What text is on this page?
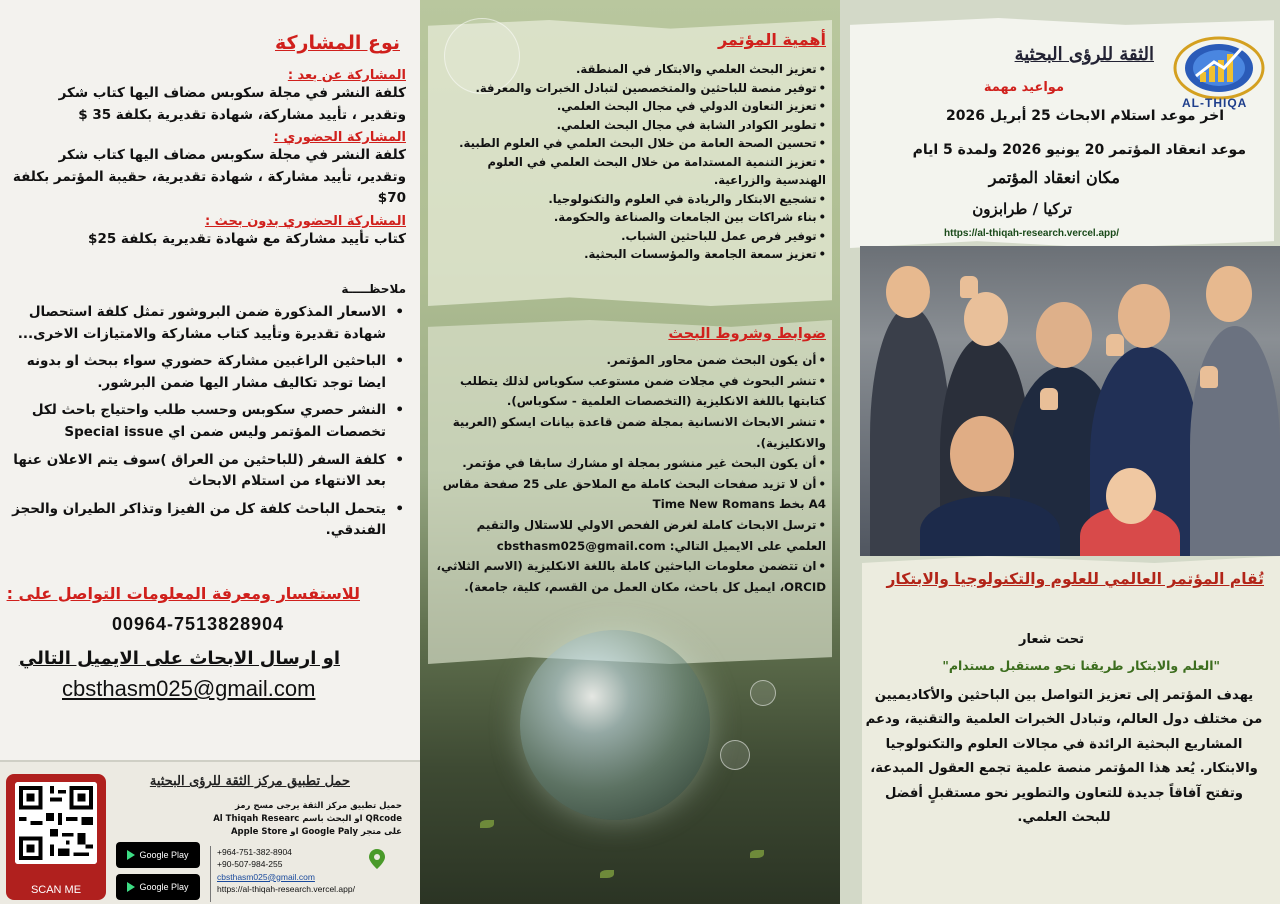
نوع المشاركة
المشاركة عن بعد :
كلفة النشر في مجلة سكوبس مضاف اليها كتاب شكر وتقدير ، تأييد مشاركة، شهادة تقديرية بكلفة 35 $
المشاركة الحضوري :
كلفة النشر في مجلة سكوبس مضاف اليها كتاب شكر وتقدير، تأييد مشاركة ، شهادة تقديرية، حقيبة المؤتمر بكلفة 70$
المشاركة الحضوري بدون بحث :
كتاب تأييد مشاركة مع شهادة تقديرية بكلفة 25$
ملاحظـــــة
• الاسعار المذكورة ضمن البروشور تمثل كلفة استحصال شهادة تقديرة وتأييد كتاب مشاركة والامتيازات الاخرى...
• الباحثين الراغبين مشاركة حضوري سواء ببحث او بدونه ايضا توجد تكاليف مشار اليها ضمن البرشور.
• النشر حصري سكوبس وحسب طلب واحتياج باحث لكل تخصصات المؤتمر وليس ضمن اي Special issue
• كلفة السفر (للباحثين من العراق )سوف يتم الاعلان عنها بعد الانتهاء من استلام الابحاث
• يتحمل الباحث كلفة كل من الفيزا وتذاكر الطيران والحجز الفندقي.
للاستفسار ومعرفة المعلومات التواصل على :
00964-7513828904
او ارسال الابحاث على الايميل التالي
cbsthasm025@gmail.com
SCAN ME
Google Play
Google Play
حمل تطبيق مركز الثقة للرؤى البحثية
حميل تطبيق مركز الثقة يرجى مسح رمز QRcode او البحث باسم Al Thiqah Researc على متجر Google Paly او Apple Store
+964-751-382-8904
+90-507-984-255
cbsthasm025@gmail.com
https://al-thiqah-research.vercel.app/
أهمية المؤتمر
• تعزيز البحث العلمي والابتكار في المنطقة.
• توفير منصة للباحثين والمتخصصين لتبادل الخبرات والمعرفة.
• تعزيز التعاون الدولي في مجال البحث العلمي.
• تطوير الكوادر الشابة في مجال البحث العلمي.
• تحسين الصحة العامة من خلال البحث العلمي في العلوم الطبية.
• تعزيز التنمية المستدامة من خلال البحث العلمي في العلوم الهندسية والزراعية.
• تشجيع الابتكار والريادة في العلوم والتكنولوجيا.
• بناء شراكات بين الجامعات والصناعة والحكومة.
• توفير فرص عمل للباحثين الشباب.
• تعزيز سمعة الجامعة والمؤسسات البحثية.
ضوابط وشروط البحث
• أن يكون البحث ضمن محاور المؤتمر.
• تنشر البحوث في مجلات ضمن مستوعب سكوباس لذلك يتطلب كتابتها باللغة الانكليزية (التخصصات العلمية - سكوباس).
• تنشر الابحاث الانسانية بمجلة ضمن قاعدة بيانات ايسكو (العربية والانكليزية).
• أن يكون البحث غير منشور بمجلة او مشارك سابقا في مؤتمر.
• أن لا تزيد صفحات البحث كاملة مع الملاحق على 25 صفحة مقاس A4 بخط Time New Romans
• ترسل الابحاث كاملة لغرض الفحص الاولي للاستلال والتقيم العلمي على الايميل التالي: cbsthasm025@gmail.com
• ان تتضمن معلومات الباحثين كاملة باللغة الانكليزية (الاسم الثلاثي، ORCID، ايميل كل باحث، مكان العمل من القسم، كلية، جامعة).
AL-THIQA
الثقة للرؤى البحثية
مواعيد مهمة
اخر موعد استلام الابحاث 25 أبريل 2026
موعد انعقاد المؤتمر 20 يونيو 2026 ولمدة 5 ايام
مكان انعقاد المؤتمر
تركيا / طرابزون
https://al-thiqah-research.vercel.app/
تُقام المؤتمر العالمي للعلوم والتكنولوجيا والابتكار
تحت شعار
"العلم والابتكار طريقنا نحو مستقبل مستدام"
يهدف المؤتمر إلى تعزيز التواصل بين الباحثين والأكاديميين من مختلف دول العالم، وتبادل الخبرات العلمية والتقنية، ودعم المشاريع البحثية الرائدة في مجالات العلوم والتكنولوجيا والابتكار. يُعد هذا المؤتمر منصة علمية تجمع العقول المبدعة، وتفتح آفاقاً جديدة للتعاون والتطوير نحو مستقبلٍ أفضل للبحث العلمي.
